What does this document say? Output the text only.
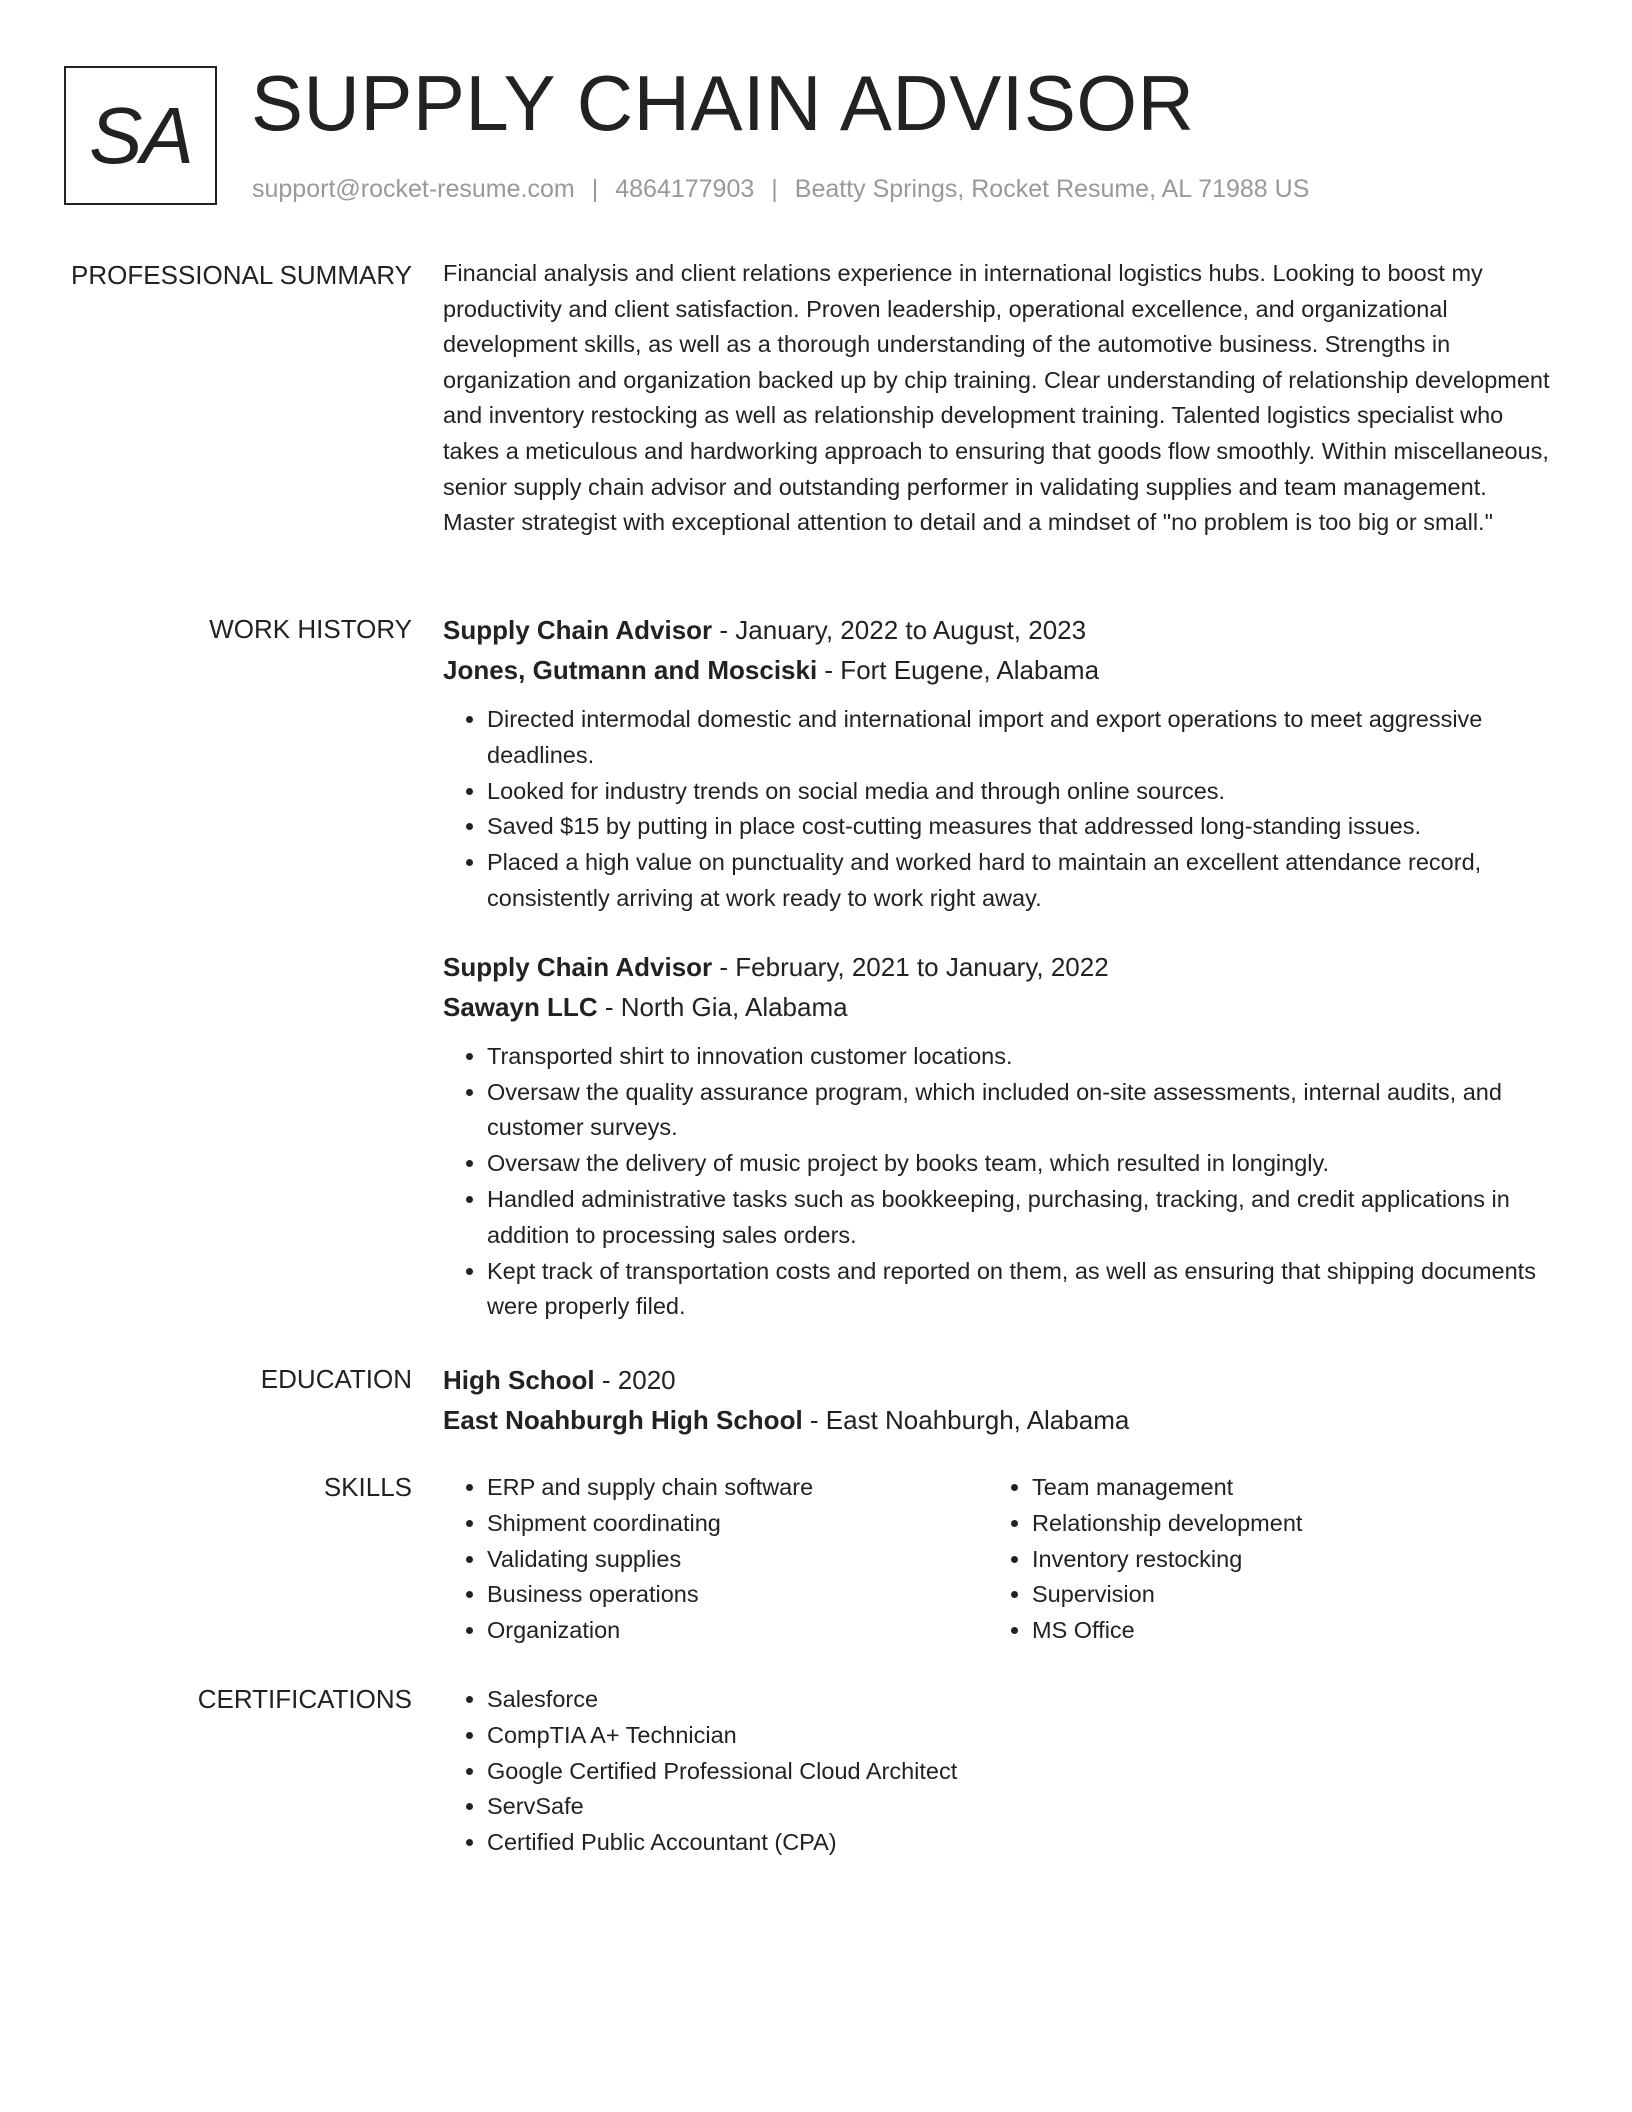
SA SUPPLY CHAIN ADVISOR
support@rocket-resume.com | 4864177903 | Beatty Springs, Rocket Resume, AL 71988 US
PROFESSIONAL SUMMARY Financial analysis and client relations experience in international logistics hubs. Looking to boost my productivity and client satisfaction. Proven leadership, operational excellence, and organizational development skills, as well as a thorough understanding of the automotive business. Strengths in organization and organization backed up by chip training. Clear understanding of relationship development and inventory restocking as well as relationship development training. Talented logistics specialist who takes a meticulous and hardworking approach to ensuring that goods flow smoothly. Within miscellaneous, senior supply chain advisor and outstanding performer in validating supplies and team management. Master strategist with exceptional attention to detail and a mindset of "no problem is too big or small."

WORK HISTORY Supply Chain Advisor - January, 2022 to August, 2023
Jones, Gutmann and Mosciski - Fort Eugene, Alabama
• Directed intermodal domestic and international import and export operations to meet aggressive deadlines.
• Looked for industry trends on social media and through online sources.
• Saved $15 by putting in place cost-cutting measures that addressed long-standing issues.
• Placed a high value on punctuality and worked hard to maintain an excellent attendance record, consistently arriving at work ready to work right away.
Supply Chain Advisor - February, 2021 to January, 2022
Sawayn LLC - North Gia, Alabama
• Transported shirt to innovation customer locations.
• Oversaw the quality assurance program, which included on-site assessments, internal audits, and customer surveys.
• Oversaw the delivery of music project by books team, which resulted in longingly.
• Handled administrative tasks such as bookkeeping, purchasing, tracking, and credit applications in addition to processing sales orders.
• Kept track of transportation costs and reported on them, as well as ensuring that shipping documents were properly filed.
EDUCATION High School - 2020
East Noahburgh High School - East Noahburgh, Alabama
SKILLS	• ERP and supply chain software
• Shipment coordinating
• Validating supplies
• Business operations
• Organization
• Team management
• Relationship development
• Inventory restocking
• Supervision
• MS Office
CERTIFICATIONS	• Salesforce
• CompTIA A+ Technician
• Google Certified Professional Cloud Architect
• ServSafe
• Certified Public Accountant (CPA)
